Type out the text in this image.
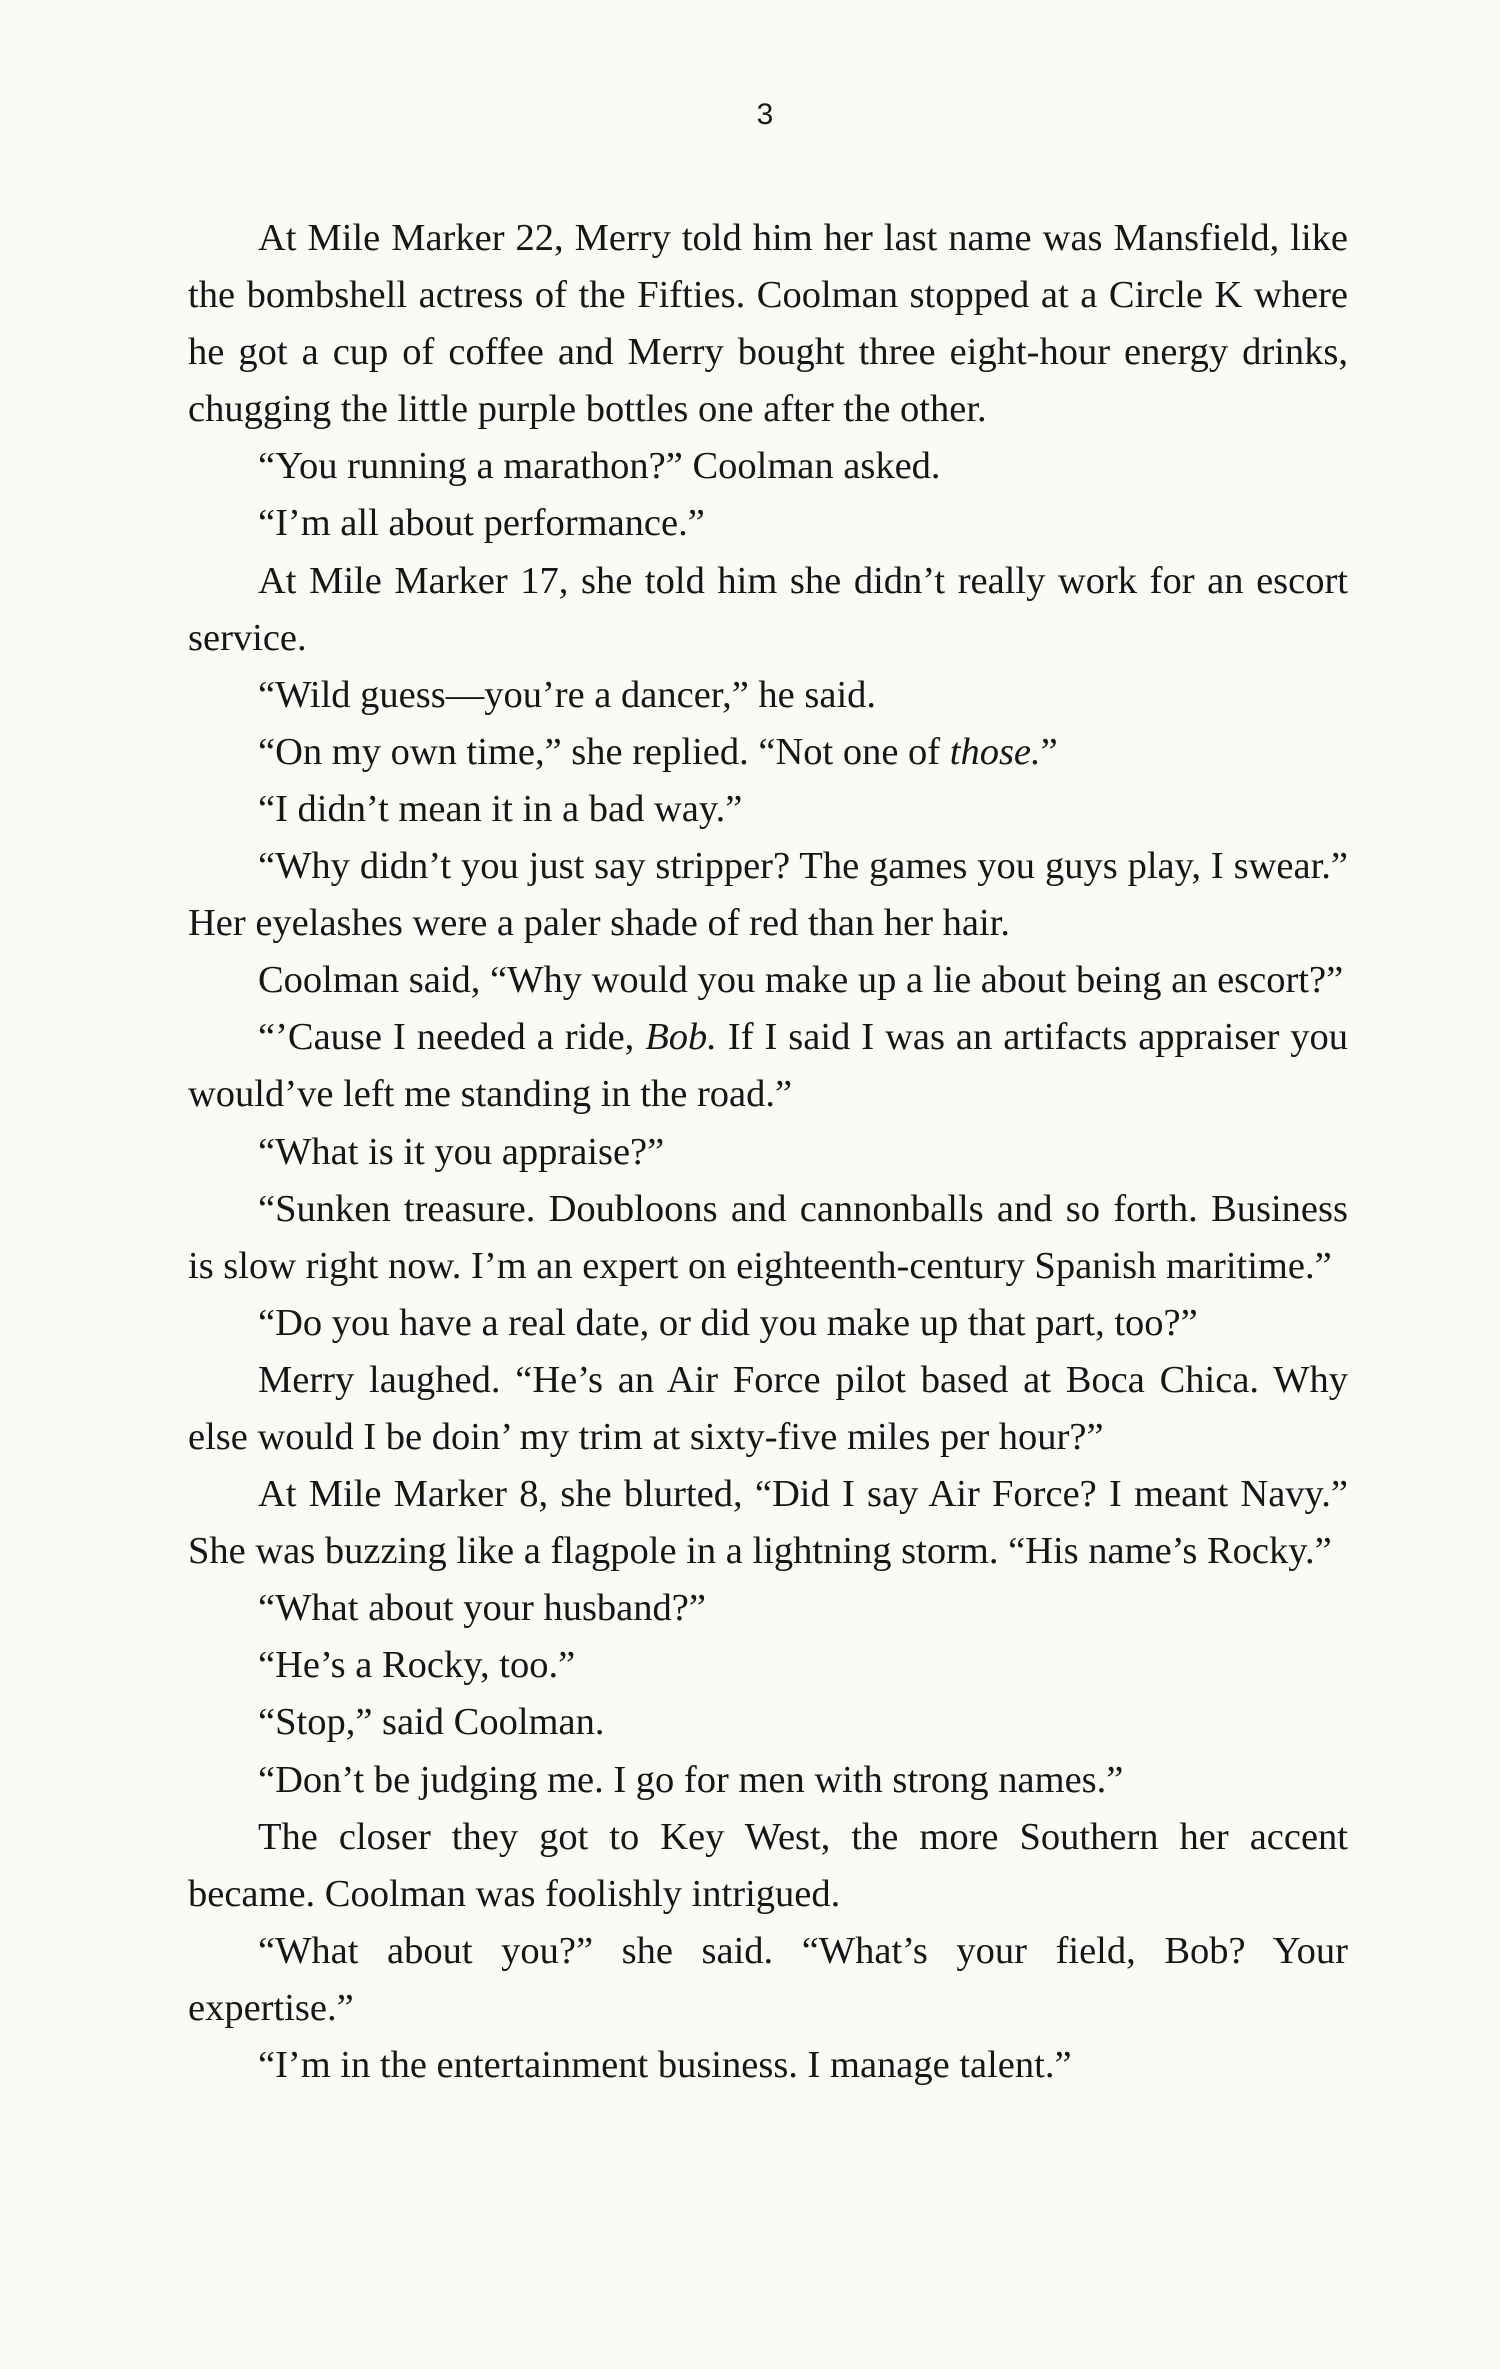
3

At Mile Marker 22, Merry told him her last name was Mansfield, like the bombshell actress of the Fifties. Coolman stopped at a Circle K where he got a cup of coffee and Merry bought three eight-hour energy drinks, chugging the little purple bottles one after the other.

“You running a marathon?” Coolman asked.

“I’m all about performance.”

At Mile Marker 17, she told him she didn’t really work for an escort service.

“Wild guess—you’re a dancer,” he said.

“On my own time,” she replied. “Not one of those.”

“I didn’t mean it in a bad way.”

“Why didn’t you just say stripper? The games you guys play, I swear.” Her eyelashes were a paler shade of red than her hair.

Coolman said, “Why would you make up a lie about being an escort?”

“’Cause I needed a ride, Bob. If I said I was an artifacts appraiser you would’ve left me standing in the road.”

“What is it you appraise?”

“Sunken treasure. Doubloons and cannonballs and so forth. Business is slow right now. I’m an expert on eighteenth-century Spanish maritime.”

“Do you have a real date, or did you make up that part, too?”

Merry laughed. “He’s an Air Force pilot based at Boca Chica. Why else would I be doin’ my trim at sixty-five miles per hour?”

At Mile Marker 8, she blurted, “Did I say Air Force? I meant Navy.” She was buzzing like a flagpole in a lightning storm. “His name’s Rocky.”

“What about your husband?”

“He’s a Rocky, too.”

“Stop,” said Coolman.

“Don’t be judging me. I go for men with strong names.”

The closer they got to Key West, the more Southern her accent became. Coolman was foolishly intrigued.

“What about you?” she said. “What’s your field, Bob? Your expertise.”

“I’m in the entertainment business. I manage talent.”
